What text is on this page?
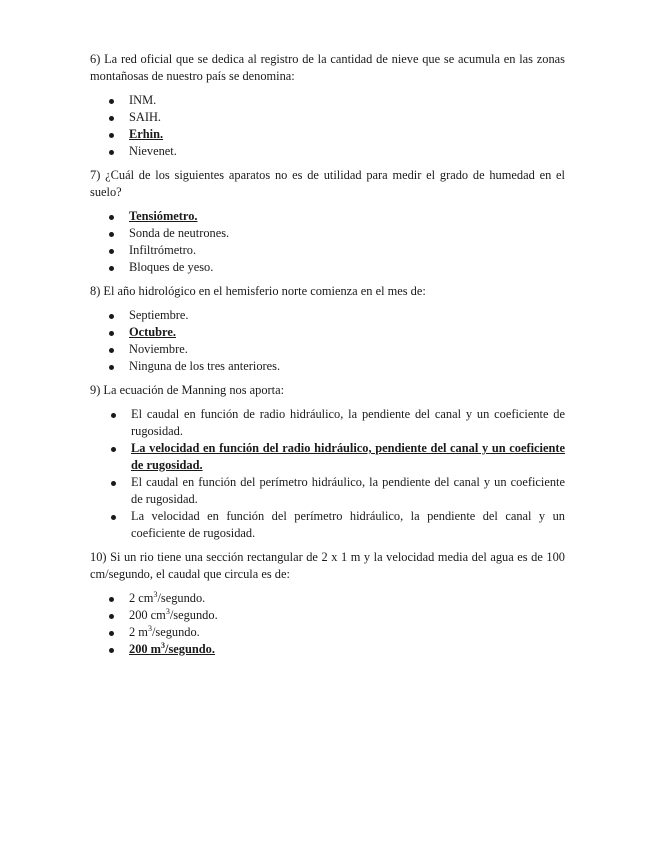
6) La red oficial que se dedica al registro de la cantidad de nieve que se acumula en las zonas montañosas de nuestro país se denomina:

INM.
SAIH.
Erhin.
Nievenet.

7) ¿Cuál de los siguientes aparatos no es de utilidad para medir el grado de humedad en el suelo?

Tensiómetro.
Sonda de neutrones.
Infiltrómetro.
Bloques de yeso.

8) El año hidrológico en el hemisferio norte comienza en el mes de:

Septiembre.
Octubre.
Noviembre.
Ninguna de los tres anteriores.

9) La ecuación de Manning nos aporta:

El caudal en función de radio hidráulico, la pendiente del canal y un coeficiente de rugosidad.
La velocidad en función del radio hidráulico, pendiente del canal y un coeficiente de rugosidad.
El caudal en función del perímetro hidráulico, la pendiente del canal y un coeficiente de rugosidad.
La velocidad en función del perímetro hidráulico, la pendiente del canal y un coeficiente de rugosidad.

10) Si un rio tiene una sección rectangular de 2 x 1 m y la velocidad media del agua es de 100 cm/segundo, el caudal que circula es de:

2 $cm^3$/segundo.
200 $cm^3$/segundo.
2 $m^3$/segundo.
200 $m^3$/segundo.
